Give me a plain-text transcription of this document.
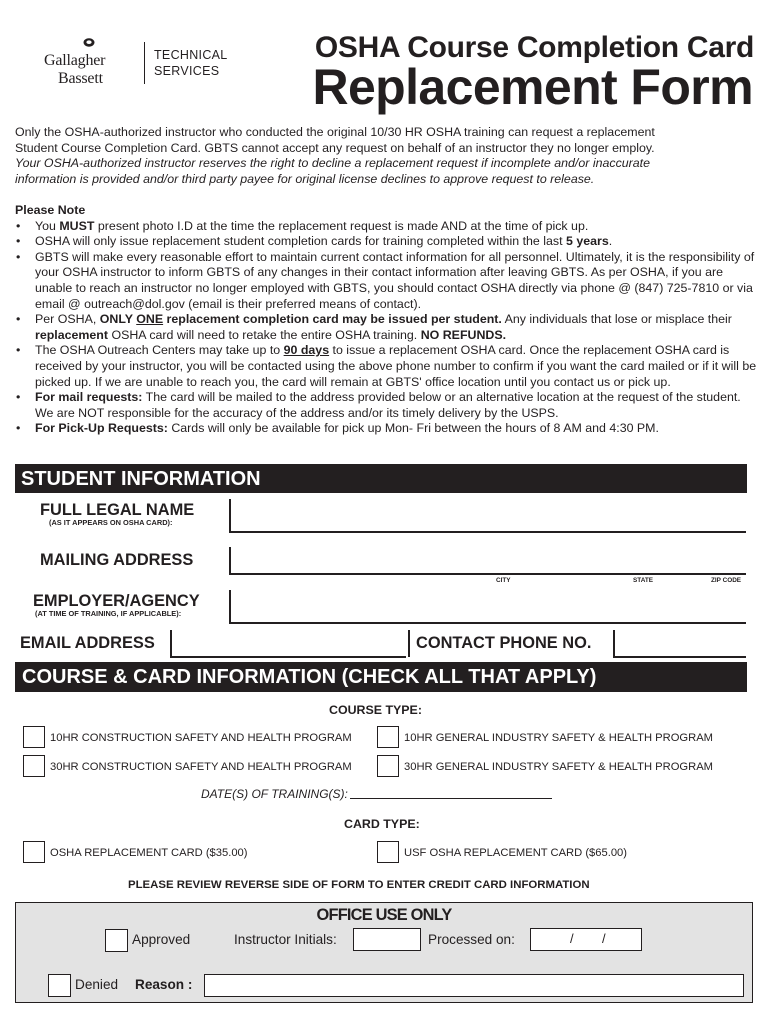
Gallagher
Bassett
TECHNICAL
SERVICES
OSHA Course Completion Card
Replacement Form
Only the OSHA-authorized instructor who conducted the original 10/30 HR OSHA training can request a replacement
Student Course Completion Card. GBTS cannot accept any request on behalf of an instructor they no longer employ.
Your OSHA-authorized instructor reserves the right to decline a replacement request if incomplete and/or inaccurate
information is provided and/or third party payee for original license declines to approve request to release.
Please Note
• You MUST present photo I.D at the time the replacement request is made AND at the time of pick up.
• OSHA will only issue replacement student completion cards for training completed within the last 5 years.
• GBTS will make every reasonable effort to maintain current contact information for all personnel. Ultimately, it is the responsibility of your OSHA instructor to inform GBTS of any changes in their contact information after leaving GBTS. As per OSHA, if you are unable to reach an instructor no longer employed with GBTS, you should contact OSHA directly via phone @ (847) 725-7810 or via email @ outreach@dol.gov (email is their preferred means of contact).
• Per OSHA, ONLY ONE replacement completion card may be issued per student. Any individuals that lose or misplace their replacement OSHA card will need to retake the entire OSHA training. NO REFUNDS.
• The OSHA Outreach Centers may take up to 90 days to issue a replacement OSHA card. Once the replacement OSHA card is received by your instructor, you will be contacted using the above phone number to confirm if you want the card mailed or if it will be picked up. If we are unable to reach you, the card will remain at GBTS' office location until you contact us or pick up.
• For mail requests: The card will be mailed to the address provided below or an alternative location at the request of the student. We are NOT responsible for the accuracy of the address and/or its timely delivery by the USPS.
• For Pick-Up Requests: Cards will only be available for pick up Mon- Fri between the hours of 8 AM and 4:30 PM.
STUDENT INFORMATION
FULL LEGAL NAME
(AS IT APPEARS ON OSHA CARD):
MAILING ADDRESS
CITY	STATE	ZIP CODE
EMPLOYER/AGENCY
(AT TIME OF TRAINING, IF APPLICABLE):
EMAIL ADDRESS	CONTACT PHONE NO.
COURSE & CARD INFORMATION (CHECK ALL THAT APPLY)
COURSE TYPE:
10HR CONSTRUCTION SAFETY AND HEALTH PROGRAM	10HR GENERAL INDUSTRY SAFETY & HEALTH PROGRAM
30HR CONSTRUCTION SAFETY AND HEALTH PROGRAM	30HR GENERAL INDUSTRY SAFETY & HEALTH PROGRAM
DATE(S) OF TRAINING(S):
CARD TYPE:
OSHA REPLACEMENT CARD ($35.00)	USF OSHA REPLACEMENT CARD ($65.00)
PLEASE REVIEW REVERSE SIDE OF FORM TO ENTER CREDIT CARD INFORMATION
OFFICE USE ONLY
Approved	Instructor Initials:	Processed on:	/ /
Denied Reason :
